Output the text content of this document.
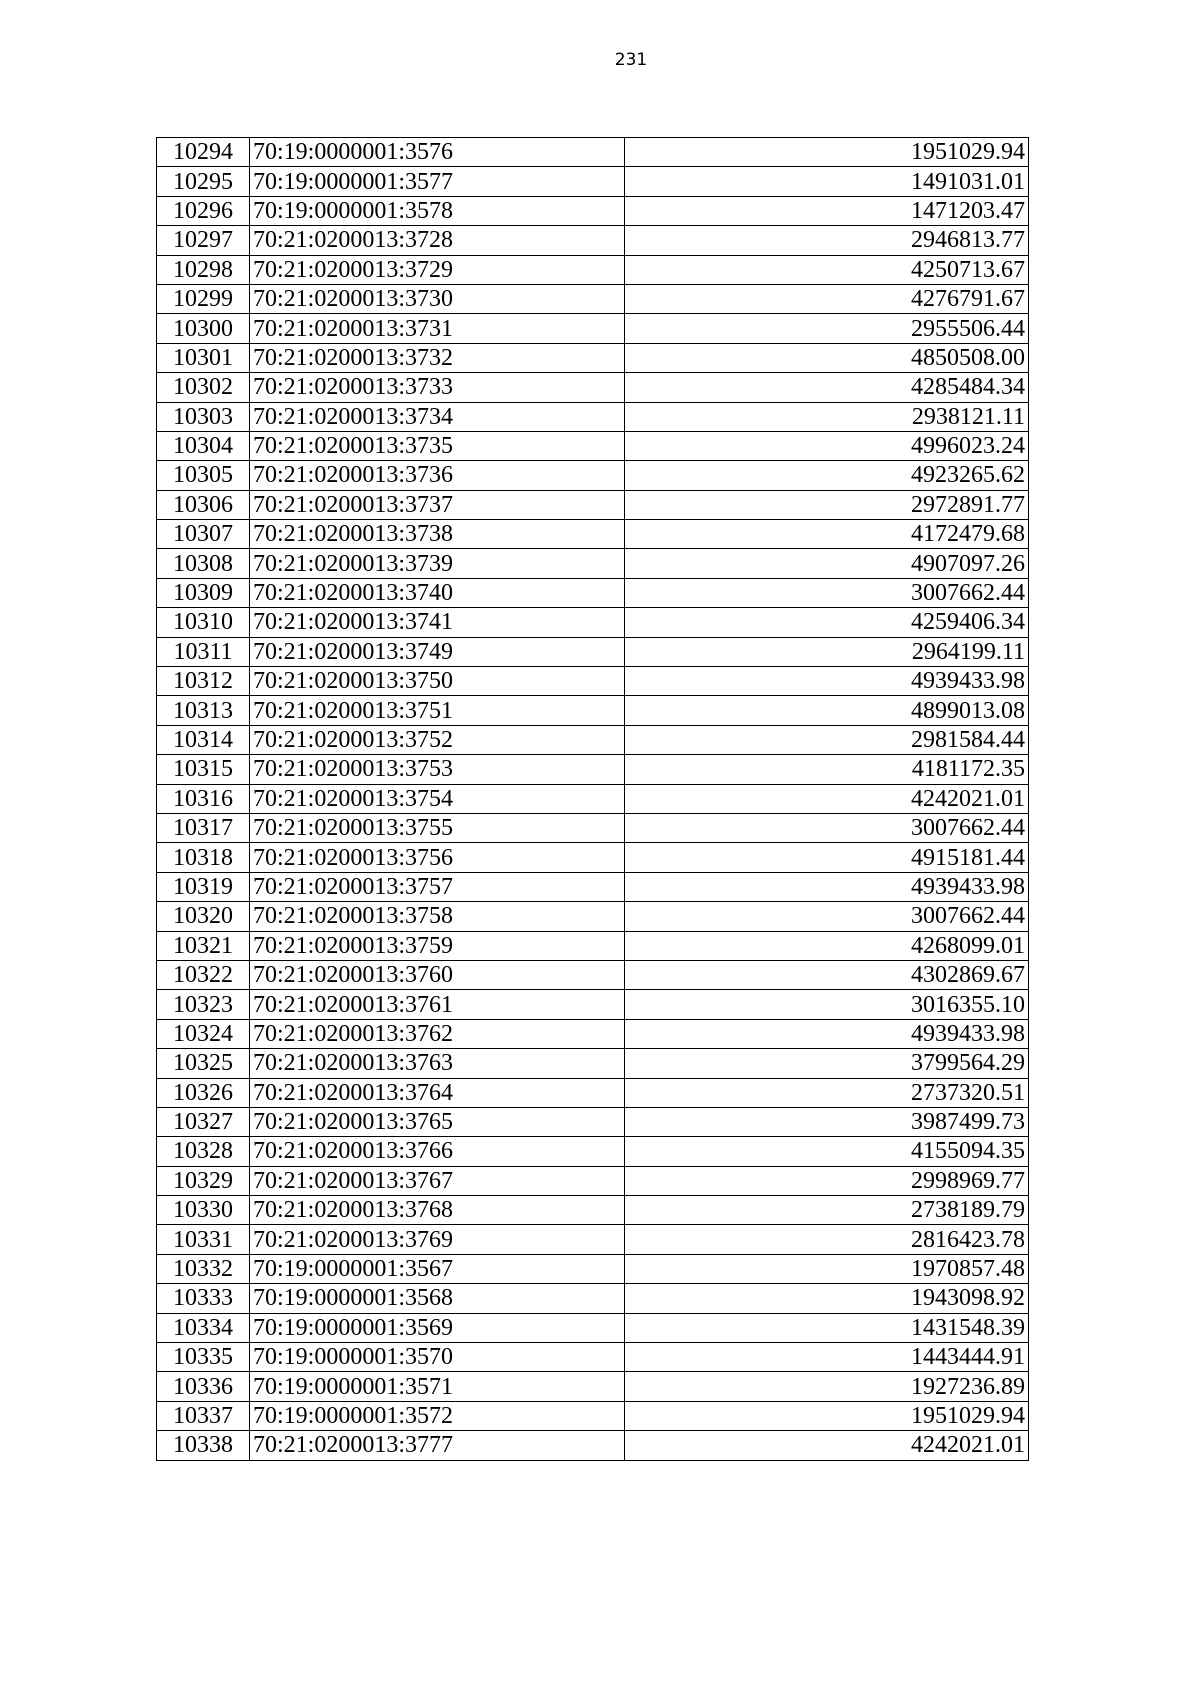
231
10294	70:19:0000001:3576	1951029.94
10295	70:19:0000001:3577	1491031.01
10296	70:19:0000001:3578	1471203.47
10297	70:21:0200013:3728	2946813.77
10298	70:21:0200013:3729	4250713.67
10299	70:21:0200013:3730	4276791.67
10300	70:21:0200013:3731	2955506.44
10301	70:21:0200013:3732	4850508.00
10302	70:21:0200013:3733	4285484.34
10303	70:21:0200013:3734	2938121.11
10304	70:21:0200013:3735	4996023.24
10305	70:21:0200013:3736	4923265.62
10306	70:21:0200013:3737	2972891.77
10307	70:21:0200013:3738	4172479.68
10308	70:21:0200013:3739	4907097.26
10309	70:21:0200013:3740	3007662.44
10310	70:21:0200013:3741	4259406.34
10311	70:21:0200013:3749	2964199.11
10312	70:21:0200013:3750	4939433.98
10313	70:21:0200013:3751	4899013.08
10314	70:21:0200013:3752	2981584.44
10315	70:21:0200013:3753	4181172.35
10316	70:21:0200013:3754	4242021.01
10317	70:21:0200013:3755	3007662.44
10318	70:21:0200013:3756	4915181.44
10319	70:21:0200013:3757	4939433.98
10320	70:21:0200013:3758	3007662.44
10321	70:21:0200013:3759	4268099.01
10322	70:21:0200013:3760	4302869.67
10323	70:21:0200013:3761	3016355.10
10324	70:21:0200013:3762	4939433.98
10325	70:21:0200013:3763	3799564.29
10326	70:21:0200013:3764	2737320.51
10327	70:21:0200013:3765	3987499.73
10328	70:21:0200013:3766	4155094.35
10329	70:21:0200013:3767	2998969.77
10330	70:21:0200013:3768	2738189.79
10331	70:21:0200013:3769	2816423.78
10332	70:19:0000001:3567	1970857.48
10333	70:19:0000001:3568	1943098.92
10334	70:19:0000001:3569	1431548.39
10335	70:19:0000001:3570	1443444.91
10336	70:19:0000001:3571	1927236.89
10337	70:19:0000001:3572	1951029.94
10338	70:21:0200013:3777	4242021.01
